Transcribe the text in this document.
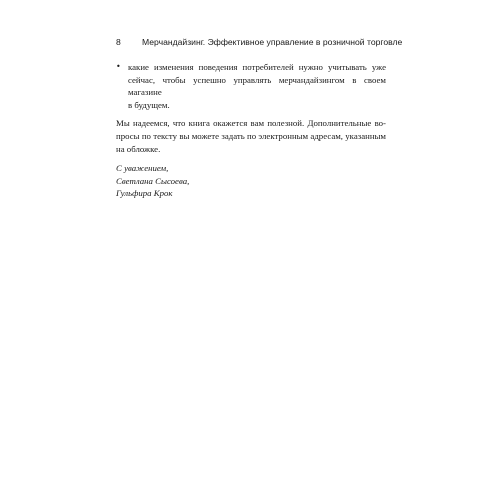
8 Мерчандайзинг. Эффективное управление в розничной торговле
• какие изменения поведения потребителей нужно учитывать уже
сейчас, чтобы успешно управлять мерчандайзингом в своем магазине
в будущем.
Мы надеемся, что книга окажется вам полезной. Дополнительные во-
просы по тексту вы можете задать по электронным адресам, указанным
на обложке.
С уважением,
Светлана Сысоева,
Гульфира Крок
